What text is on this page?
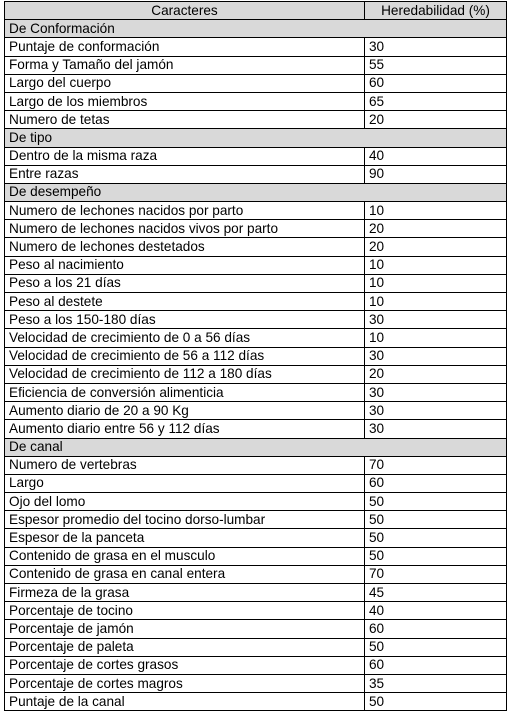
Caracteres	Heredabilidad (%)
De Conformación	
Puntaje de conformación	30
Forma y Tamaño del jamón	55
Largo del cuerpo	60
Largo de los miembros	65
Numero de tetas	20
De tipo	
Dentro de la misma raza	40
Entre razas	90
De desempeño	
Numero de lechones nacidos por parto	10
Numero de lechones nacidos vivos por parto	20
Numero de lechones destetados	20
Peso al nacimiento	10
Peso a los 21 días	10
Peso al destete	10
Peso a los 150-180 días	30
Velocidad de crecimiento de 0 a 56 días	10
Velocidad de crecimiento de 56 a 112 días	30
Velocidad de crecimiento de 112 a 180 días	20
Eficiencia de conversión alimenticia	30
Aumento diario de 20 a 90 Kg	30
Aumento diario entre 56 y 112 días	30
De canal	
Numero de vertebras	70
Largo	60
Ojo del lomo	50
Espesor promedio del tocino dorso-lumbar	50
Espesor de la panceta	50
Contenido de grasa en el musculo	50
Contenido de grasa en canal entera	70
Firmeza de la grasa	45
Porcentaje de tocino	40
Porcentaje de jamón	60
Porcentaje de paleta	50
Porcentaje de cortes grasos	60
Porcentaje de cortes magros	35
Puntaje de la canal	50
